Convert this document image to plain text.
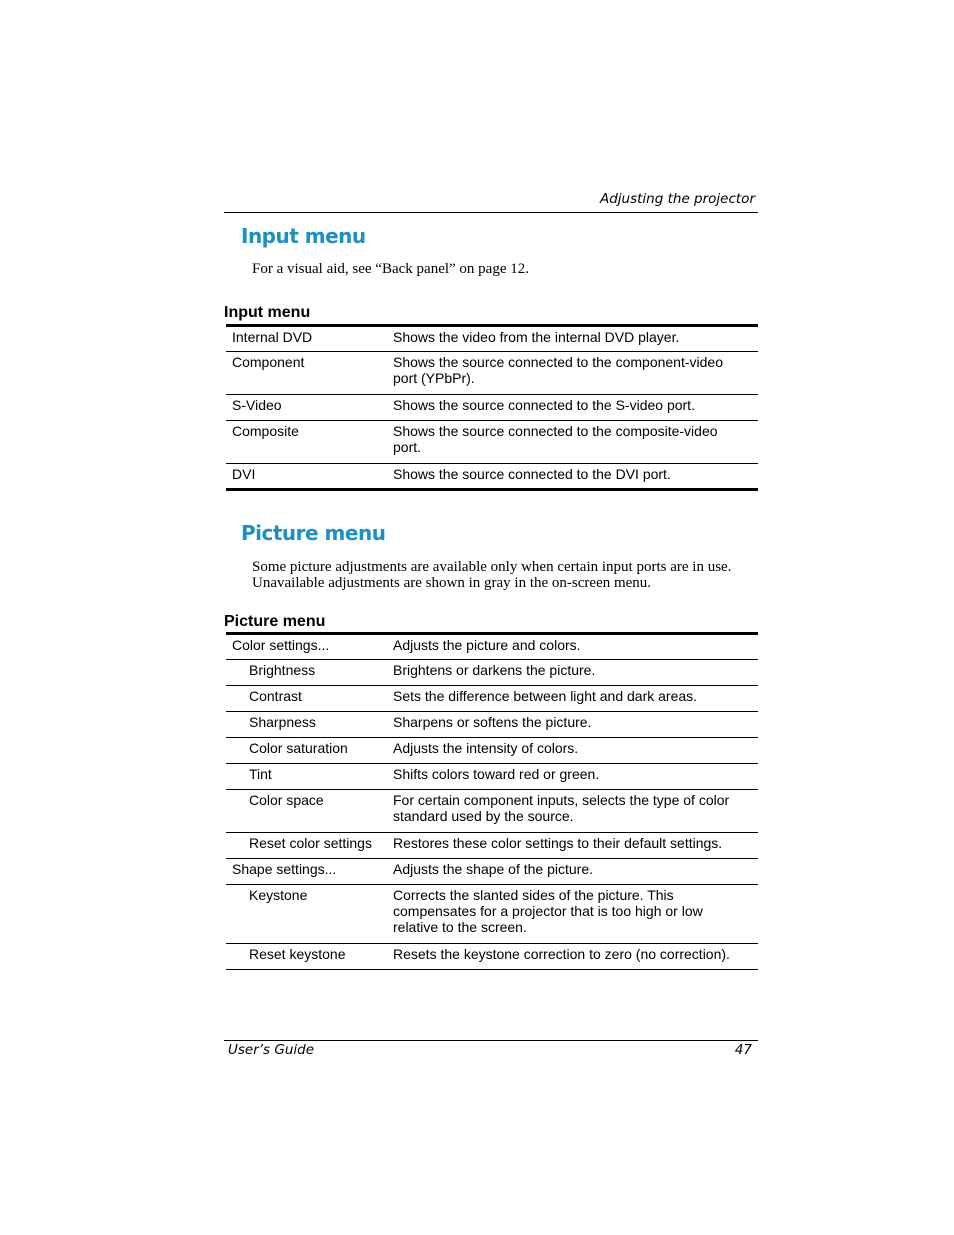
Adjusting the projector
Input menu
For a visual aid, see “Back panel” on page 12.
Input menu
Internal DVD	Shows the video from the internal DVD player.
Component	Shows the source connected to the component-video port (YPbPr).
S-Video	Shows the source connected to the S-video port.
Composite	Shows the source connected to the composite-video port.
DVI	Shows the source connected to the DVI port.
Picture menu
Some picture adjustments are available only when certain input ports are in use.
Unavailable adjustments are shown in gray in the on-screen menu.
Picture menu
Color settings...	Adjusts the picture and colors.
Brightness	Brightens or darkens the picture.
Contrast	Sets the difference between light and dark areas.
Sharpness	Sharpens or softens the picture.
Color saturation	Adjusts the intensity of colors.
Tint	Shifts colors toward red or green.
Color space	For certain component inputs, selects the type of color standard used by the source.
Reset color settings	Restores these color settings to their default settings.
Shape settings...	Adjusts the shape of the picture.
Keystone	Corrects the slanted sides of the picture. This compensates for a projector that is too high or low relative to the screen.
Reset keystone	Resets the keystone correction to zero (no correction).
User’s Guide	47
